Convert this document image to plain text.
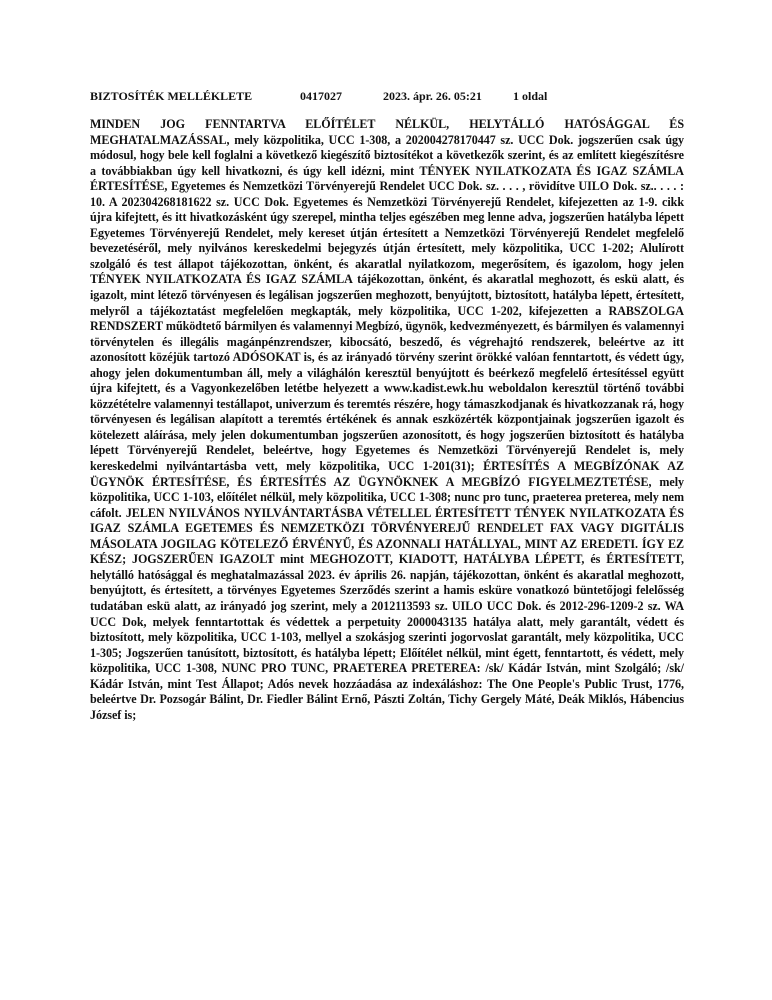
BIZTOSÍTÉK MELLÉKLETE	0417027	2023. ápr. 26. 05:21	1 oldal

MINDEN JOG FENNTARTVA ELŐÍTÉLET NÉLKÜL, HELYTÁLLÓ HATÓSÁGGAL ÉS MEGHATALMAZÁSSAL, mely közpolitika, UCC 1-308, a 202004278170447 sz. UCC Dok. jogszerűen csak úgy módosul, hogy bele kell foglalni a következő kiegészítő biztosítékot a következők szerint, és az említett kiegészítésre a továbbiakban úgy kell hivatkozni, és úgy kell idézni, mint TÉNYEK NYILATKOZATA ÉS IGAZ SZÁMLA ÉRTESÍTÉSE, Egyetemes és Nemzetközi Törvényerejű Rendelet UCC Dok. sz. . . . , rövidítve UILO Dok. sz.. . . . : 10. A 202304268181622 sz. UCC Dok. Egyetemes és Nemzetközi Törvényerejű Rendelet, kifejezetten az 1-9. cikk újra kifejtett, és itt hivatkozásként úgy szerepel, mintha teljes egészében meg lenne adva, jogszerűen hatályba lépett Egyetemes Törvényerejű Rendelet, mely kereset útján értesített a Nemzetközi Törvényerejű Rendelet megfelelő bevezetéséről, mely nyilvános kereskedelmi bejegyzés útján értesített, mely közpolitika, UCC 1-202; Alulírott szolgáló és test állapot tájékozottan, önként, és akaratlal nyilatkozom, megerősítem, és igazolom, hogy jelen TÉNYEK NYILATKOZATA ÉS IGAZ SZÁMLA tájékozottan, önként, és akaratlal meghozott, és eskü alatt, és igazolt, mint létező törvényesen és legálisan jogszerűen meghozott, benyújtott, biztosított, hatályba lépett, értesített, melyről a tájékoztatást megfelelően megkapták, mely közpolitika, UCC 1-202, kifejezetten a RABSZOLGA RENDSZERT működtető bármilyen és valamennyi Megbízó, ügynök, kedvezményezett, és bármilyen és valamennyi törvénytelen és illegális magánpénzrendszer, kibocsátó, beszedő, és végrehajtó rendszerek, beleértve az itt azonosított közéjük tartozó ADÓSOKAT is, és az irányadó törvény szerint örökké valóan fenntartott, és védett úgy, ahogy jelen dokumentumban áll, mely a világhálón keresztül benyújtott és beérkező megfelelő értesítéssel együtt újra kifejtett, és a Vagyonkezelőben letétbe helyezett a www.kadist.ewk.hu weboldalon keresztül történő további közzétételre valamennyi testállapot, univerzum és teremtés részére, hogy támaszkodjanak és hivatkozzanak rá, hogy törvényesen és legálisan alapított a teremtés értékének és annak eszközérték központjainak jogszerűen igazolt és kötelezett aláírása, mely jelen dokumentumban jogszerűen azonosított, és hogy jogszerűen biztosított és hatályba lépett Törvényerejű Rendelet, beleértve, hogy Egyetemes és Nemzetközi Törvényerejű Rendelet is, mely kereskedelmi nyilvántartásba vett, mely közpolitika, UCC 1-201(31); ÉRTESÍTÉS A MEGBÍZÓNAK AZ ÜGYNÖK ÉRTESÍTÉSE, ÉS ÉRTESÍTÉS AZ ÜGYNÖKNEK A MEGBÍZÓ FIGYELMEZTETÉSE, mely közpolitika, UCC 1-103, előítélet nélkül, mely közpolitika, UCC 1-308; nunc pro tunc, praeterea preterea, mely nem cáfolt. JELEN NYILVÁNOS NYILVÁNTARTÁSBA VÉTELLEL ÉRTESÍTETT TÉNYEK NYILATKOZATA ÉS IGAZ SZÁMLA EGETEMES ÉS NEMZETKÖZI TÖRVÉNYEREJŰ RENDELET FAX VAGY DIGITÁLIS MÁSOLATA JOGILAG KÖTELEZŐ ÉRVÉNYŰ, ÉS AZONNALI HATÁLLYAL, MINT AZ EREDETI. ÍGY EZ KÉSZ; JOGSZERŰEN IGAZOLT mint MEGHOZOTT, KIADOTT, HATÁLYBA LÉPETT, és ÉRTESÍTETT, helytálló hatósággal és meghatalmazással 2023. év április 26. napján, tájékozottan, önként és akaratlal meghozott, benyújtott, és értesített, a törvényes Egyetemes Szerződés szerint a hamis esküre vonatkozó büntetőjogi felelősség tudatában eskü alatt, az irányadó jog szerint, mely a 2012113593 sz. UILO UCC Dok. és 2012-296-1209-2 sz. WA UCC Dok, melyek fenntartottak és védettek a perpetuity 2000043135 hatálya alatt, mely garantált, védett és biztosított, mely közpolitika, UCC 1-103, mellyel a szokásjog szerinti jogorvoslat garantált, mely közpolitika, UCC 1-305; Jogszerűen tanúsított, biztosított, és hatályba lépett; Előítélet nélkül, mint égett, fenntartott, és védett, mely közpolitika, UCC 1-308, NUNC PRO TUNC, PRAETEREA PRETEREA: /sk/ Kádár István, mint Szolgáló; /sk/ Kádár István, mint Test Állapot; Adós nevek hozzáadása az indexáláshoz: The One People's Public Trust, 1776, beleértve Dr. Pozsogár Bálint, Dr. Fiedler Bálint Ernő, Pászti Zoltán, Tichy Gergely Máté, Deák Miklós, Hábencius József is;
